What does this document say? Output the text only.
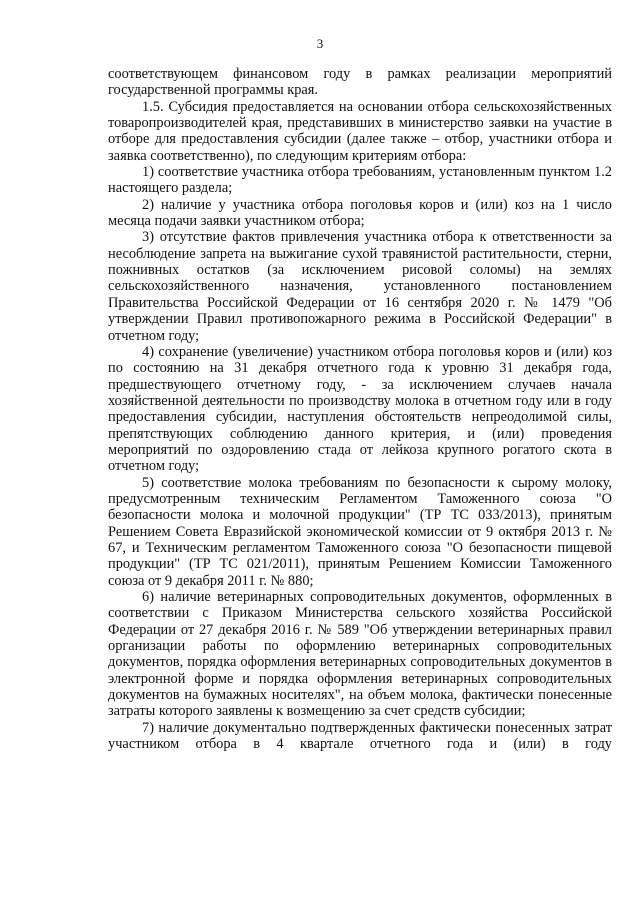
3

соответствующем финансовом году в рамках реализации мероприятий государственной программы края.

1.5. Субсидия предоставляется на основании отбора сельскохозяйственных товаропроизводителей края, представивших в министерство заявки на участие в отборе для предоставления субсидии (далее также – отбор, участники отбора и заявка соответственно), по следующим критериям отбора:

1) соответствие участника отбора требованиям, установленным пунктом 1.2 настоящего раздела;

2) наличие у участника отбора поголовья коров и (или) коз на 1 число месяца подачи заявки участником отбора;

3) отсутствие фактов привлечения участника отбора к ответственности за несоблюдение запрета на выжигание сухой травянистой растительности, стерни, пожнивных остатков (за исключением рисовой соломы) на землях сельскохозяйственного назначения, установленного постановлением Правительства Российской Федерации от 16 сентября 2020 г. № 1479 "Об утверждении Правил противопожарного режима в Российской Федерации" в отчетном году;

4) сохранение (увеличение) участником отбора поголовья коров и (или) коз по состоянию на 31 декабря отчетного года к уровню 31 декабря года, предшествующего отчетному году, - за исключением случаев начала хозяйственной деятельности по производству молока в отчетном году или в году предоставления субсидии, наступления обстоятельств непреодолимой силы, препятствующих соблюдению данного критерия, и (или) проведения мероприятий по оздоровлению стада от лейкоза крупного рогатого скота в отчетном году;

5) соответствие молока требованиям по безопасности к сырому молоку, предусмотренным техническим Регламентом Таможенного союза "О безопасности молока и молочной продукции" (ТР ТС 033/2013), принятым Решением Совета Евразийской экономической комиссии от 9 октября 2013 г. № 67, и Техническим регламентом Таможенного союза "О безопасности пищевой продукции" (ТР ТС 021/2011), принятым Решением Комиссии Таможенного союза от 9 декабря 2011 г. № 880;

6) наличие ветеринарных сопроводительных документов, оформленных в соответствии с Приказом Министерства сельского хозяйства Российской Федерации от 27 декабря 2016 г. № 589 "Об утверждении ветеринарных правил организации работы по оформлению ветеринарных сопроводительных документов, порядка оформления ветеринарных сопроводительных документов в электронной форме и порядка оформления ветеринарных сопроводительных документов на бумажных носителях", на объем молока, фактически понесенные затраты которого заявлены к возмещению за счет средств субсидии;

7) наличие документально подтвержденных фактически понесенных затрат участником отбора в 4 квартале отчетного года и (или) в году
